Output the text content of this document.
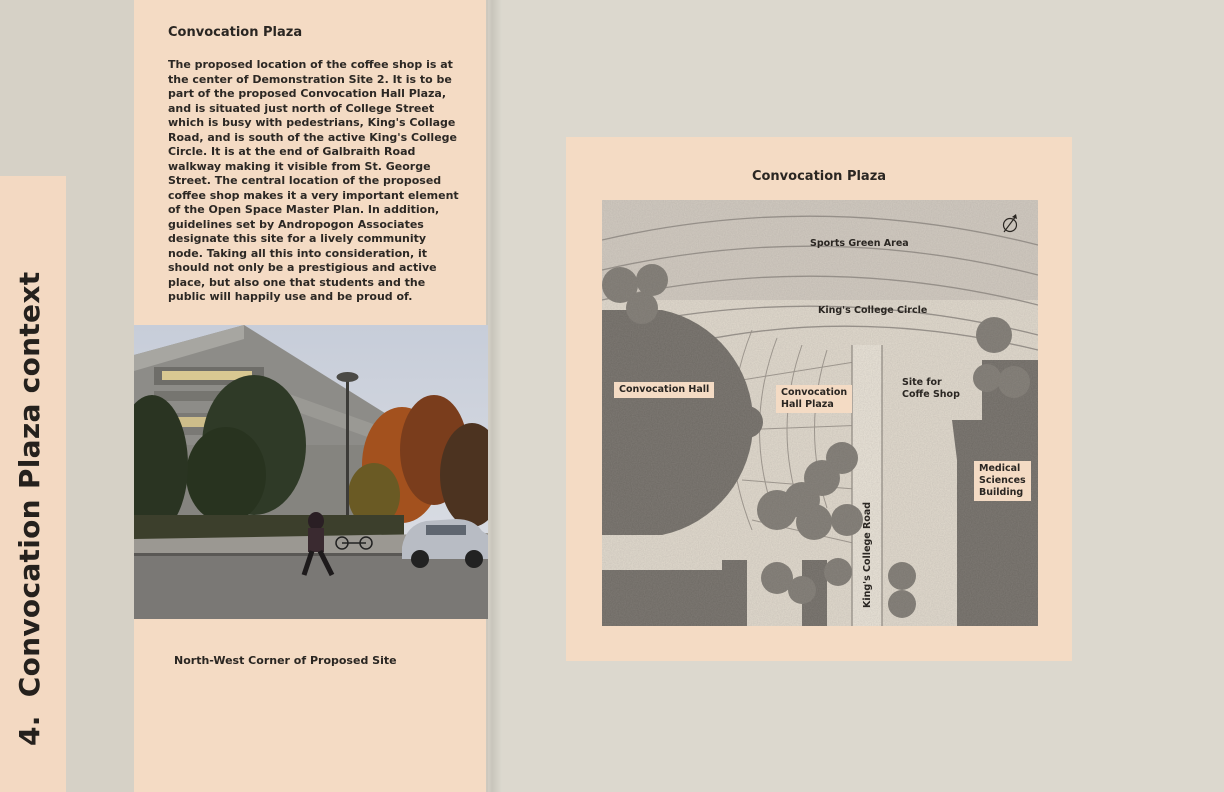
4.Convocation Plaza context
Convocation Plaza

The proposed location of the coffee shop is at the center of Demonstration Site 2. It is to be part of the proposed Convocation Hall Plaza, and is situated just north of College Street which is busy with pedestrians, King's Collage Road, and is south of the active King's College Circle. It is at the end of Galbraith Road walkway making it visible from St. George Street. The central location of the proposed coffee shop makes it a very important element of the Open Space Master Plan. In addition, guidelines set by Andropogon Associates designate this site for a lively community node. Taking all this into consideration, it should not only be a prestigious and active place, but also one that students and the public will happily use and be proud of.

North-West Corner of Proposed Site
Convocation Plaza
Sports Green Area
King's College Circle
Convocation Hall	Convocation
Hall Plaza
Site for
Coffe Shop
Medical
Sciences
Building
King's College Road
